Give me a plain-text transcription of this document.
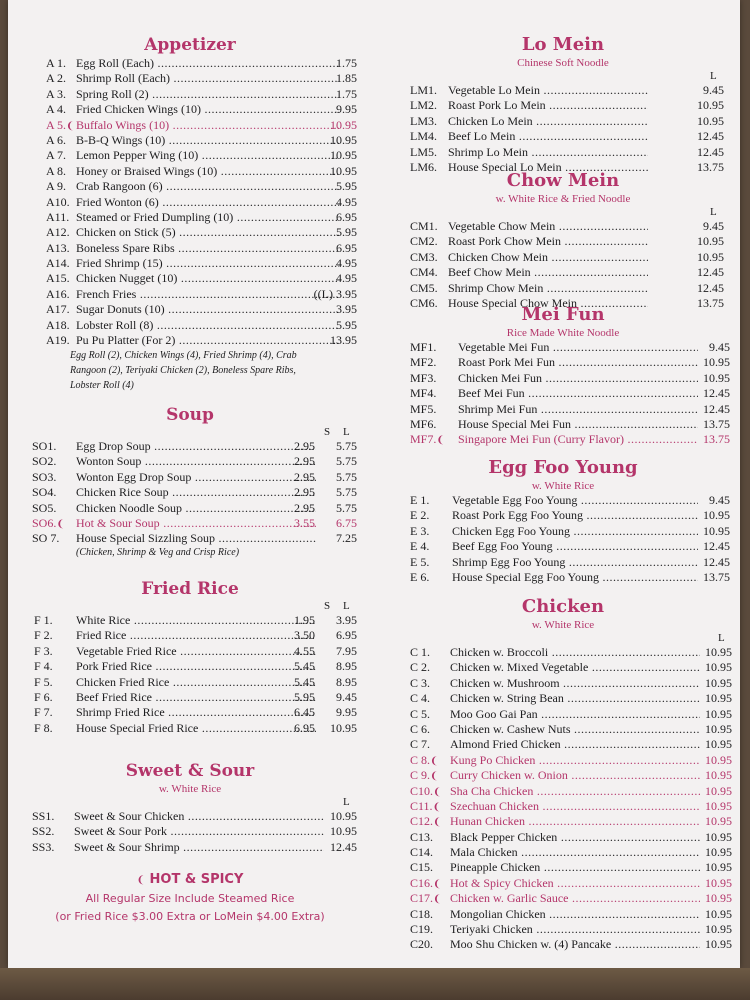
❨ HOT & SPICY
All Regular Size Include Steamed Rice
(or Fried Rice $3.00 Extra or LoMein $4.00 Extra)
Appetizer
A 1. Egg Roll (Each) .....	1.75
A 2. Shrimp Roll (Each) .....	1.85
A 3. Spring Roll (2) .....	1.75
A 4. Fried Chicken Wings (10) .....	9.95
A 5.❨ Buffalo Wings (10) .....	10.95
A 6. B-B-Q Wings (10) .....	10.95
A 7. Lemon Pepper Wing (10) .....	10.95
A 8. Honey or Braised Wings (10) .....	10.95
A 9. Crab Rangoon (6) .....	5.95
A10. Fried Wonton (6) .....	4.95
A11. Steamed or Fried Dumpling (10) .....	6.95
A12. Chicken on Stick (5) .....	5.95
A13. Boneless Spare Ribs .....	6.95
A14. Fried Shrimp (15) .....	4.95
A15. Chicken Nugget (10) .....	4.95
A16. French Fries .....	((L) 3.95
A17. Sugar Donuts (10) .....	3.95
A18. Lobster Roll (8) .....	5.95
A19. Pu Pu Platter (For 2) .....	13.95
Egg Roll (2), Chicken Wings (4), Fried Shrimp (4), Crab Rangoon (2), Teriyaki Chicken (2), Boneless Spare Ribs, Lobster Roll (4)
Soup
S L
SO1. Egg Drop Soup .....	2.95 5.75
SO2. Wonton Soup .....	2.95 5.75
SO3. Wonton Egg Drop Soup .....	2.95 5.75
SO4. Chicken Rice Soup .....	2.95 5.75
SO5. Chicken Noodle Soup .....	2.95 5.75
SO6.❨ Hot & Sour Soup .....	3.55 6.75
SO 7. House Special Sizzling Soup .....	7.25
(Chicken, Shrimp & Veg and Crisp Rice)
Fried Rice
S L
F 1. White Rice .....	1.95 3.95
F 2. Fried Rice .....	3.50 6.95
F 3. Vegetable Fried Rice .....	4.55 7.95
F 4. Pork Fried Rice .....	5.45 8.95
F 5. Chicken Fried Rice .....	5.45 8.95
F 6. Beef Fried Rice .....	5.95 9.45
F 7. Shrimp Fried Rice .....	6.45 9.95
F 8. House Special Fried Rice .....	6.95 10.95
Sweet & Sour
w. White Rice
L
SS1. Sweet & Sour Chicken .....	10.95
SS2. Sweet & Sour Pork .....	10.95
SS3. Sweet & Sour Shrimp .....	12.45
Lo Mein
Chinese Soft Noodle
L
LM1. Vegetable Lo Mein .....	9.45
LM2. Roast Pork Lo Mein .....	10.95
LM3. Chicken Lo Mein .....	10.95
LM4. Beef Lo Mein .....	12.45
LM5. Shrimp Lo Mein .....	12.45
LM6. House Special Lo Mein .....	13.75
Chow Mein
w. White Rice & Fried Noodle
L
CM1. Vegetable Chow Mein .....	9.45
CM2. Roast Pork Chow Mein .....	10.95
CM3. Chicken Chow Mein .....	10.95
CM4. Beef Chow Mein .....	12.45
CM5. Shrimp Chow Mein .....	12.45
CM6. House Special Chow Mein .....	13.75
Mei Fun
Rice Made White Noodle
MF1. Vegetable Mei Fun .....	9.45
MF2. Roast Pork Mei Fun .....	10.95
MF3. Chicken Mei Fun .....	10.95
MF4. Beef Mei Fun .....	12.45
MF5. Shrimp Mei Fun .....	12.45
MF6. House Special Mei Fun .....	13.75
MF7.❨ Singapore Mei Fun (Curry Flavor) .....	13.75
Egg Foo Young
w. White Rice
E 1. Vegetable Egg Foo Young .....	9.45
E 2. Roast Pork Egg Foo Young .....	10.95
E 3. Chicken Egg Foo Young .....	10.95
E 4. Beef Egg Foo Young .....	12.45
E 5. Shrimp Egg Foo Young .....	12.45
E 6. House Special Egg Foo Young .....	13.75
Chicken
w. White Rice
L
C 1. Chicken w. Broccoli .....	10.95
C 2. Chicken w. Mixed Vegetable .....	10.95
C 3. Chicken w. Mushroom .....	10.95
C 4. Chicken w. String Bean .....	10.95
C 5. Moo Goo Gai Pan .....	10.95
C 6. Chicken w. Cashew Nuts .....	10.95
C 7. Almond Fried Chicken .....	10.95
C 8.❨ Kung Po Chicken .....	10.95
C 9.❨ Curry Chicken w. Onion .....	10.95
C10.❨ Sha Cha Chicken .....	10.95
C11.❨ Szechuan Chicken .....	10.95
C12.❨ Hunan Chicken .....	10.95
C13. Black Pepper Chicken .....	10.95
C14. Mala Chicken .....	10.95
C15. Pineapple Chicken .....	10.95
C16.❨ Hot & Spicy Chicken .....	10.95
C17.❨ Chicken w. Garlic Sauce .....	10.95
C18. Mongolian Chicken .....	10.95
C19. Teriyaki Chicken .....	10.95
C20. Moo Shu Chicken w. (4) Pancake .....	10.95
